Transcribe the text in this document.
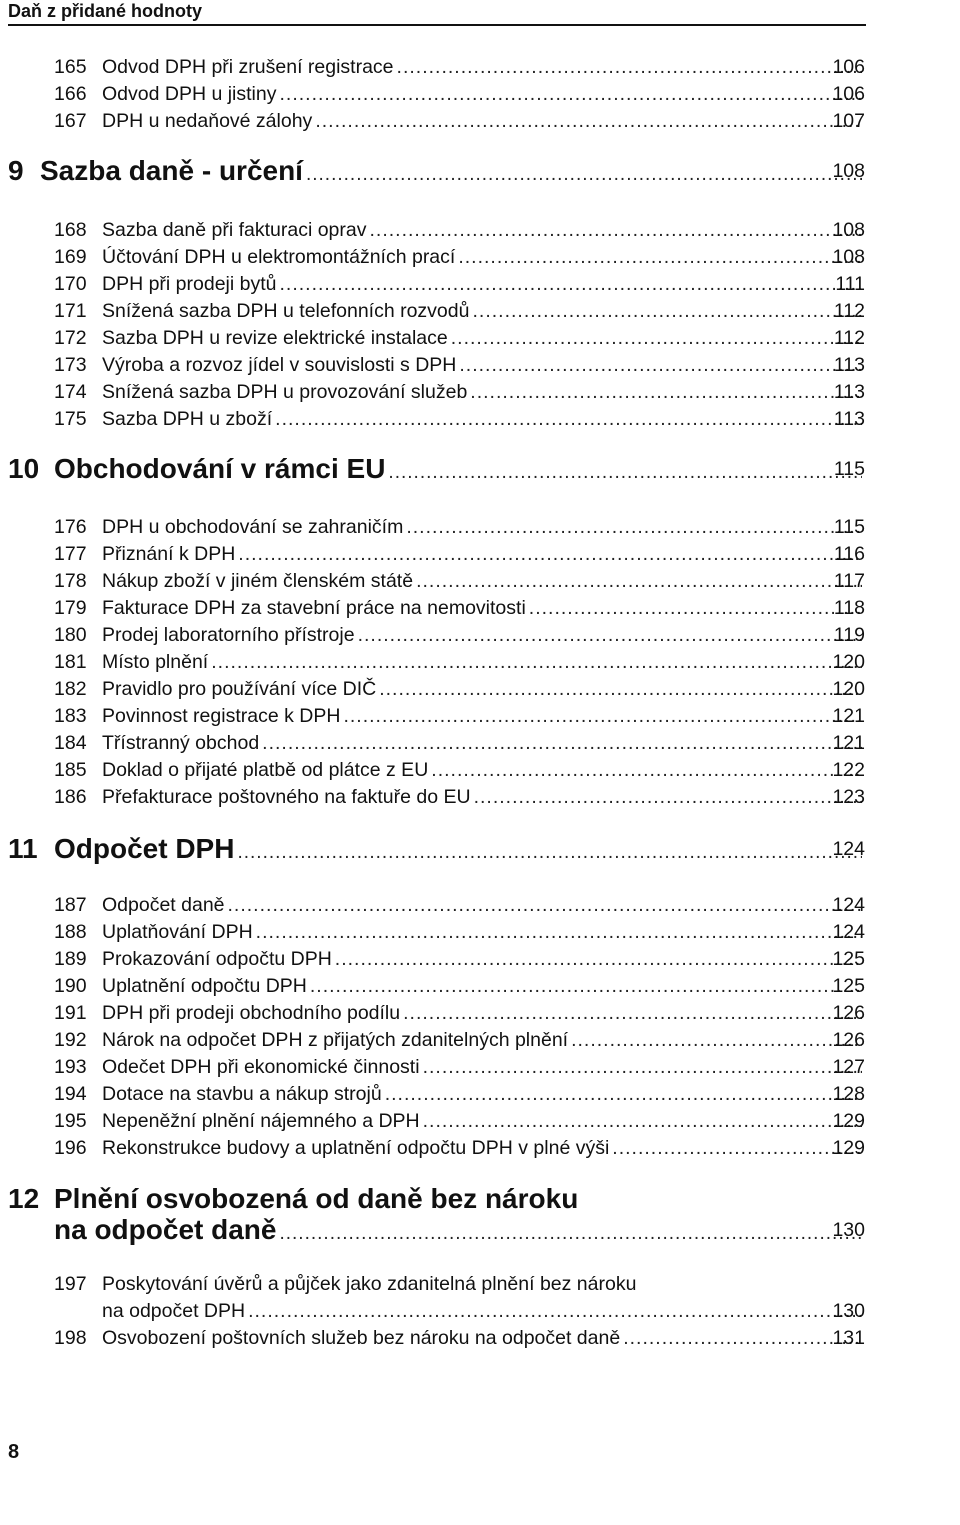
Daň z přidané hodnoty
165 Odvod DPH při zrušení registrace .....	106
166 Odvod DPH u jistiny .....	106
167 DPH u nedaňové zálohy .....	107
9 Sazba daně - určení .....	108
168 Sazba daně při fakturaci oprav .....	108
169 Účtování DPH u elektromontážních prací .....	108
170 DPH při prodeji bytů .....	111
171 Snížená sazba DPH u telefonních rozvodů .....	112
172 Sazba DPH u revize elektrické instalace .....	112
173 Výroba a rozvoz jídel v souvislosti s DPH .....	113
174 Snížená sazba DPH u provozování služeb .....	113
175 Sazba DPH u zboží .....	113
10 Obchodování v rámci EU .....	115
176 DPH u obchodování se zahraničím .....	115
177 Přiznání k DPH .....	116
178 Nákup zboží v jiném členském státě .....	117
179 Fakturace DPH za stavební práce na nemovitosti .....	118
180 Prodej laboratorního přístroje .....	119
181 Místo plnění .....	120
182 Pravidlo pro používání více DIČ .....	120
183 Povinnost registrace k DPH .....	121
184 Třístranný obchod .....	121
185 Doklad o přijaté platbě od plátce z EU .....	122
186 Přefakturace poštovného na faktuře do EU .....	123
11 Odpočet DPH .....	124
187 Odpočet daně .....	124
188 Uplatňování DPH .....	124
189 Prokazování odpočtu DPH .....	125
190 Uplatnění odpočtu DPH .....	125
191 DPH při prodeji obchodního podílu .....	126
192 Nárok na odpočet DPH z přijatých zdanitelných plnění .....	126
193 Odečet DPH při ekonomické činnosti .....	127
194 Dotace na stavbu a nákup strojů .....	128
195 Nepeněžní plnění nájemného a DPH .....	129
196 Rekonstrukce budovy a uplatnění odpočtu DPH v plné výši .....	129
12 Plnění osvobozená od daně bez nároku
na odpočet daně .....	130
197 Poskytování úvěrů a půjček jako zdanitelná plnění bez nároku
na odpočet DPH .....	130
198 Osvobození poštovních služeb bez nároku na odpočet daně .....	131
8
